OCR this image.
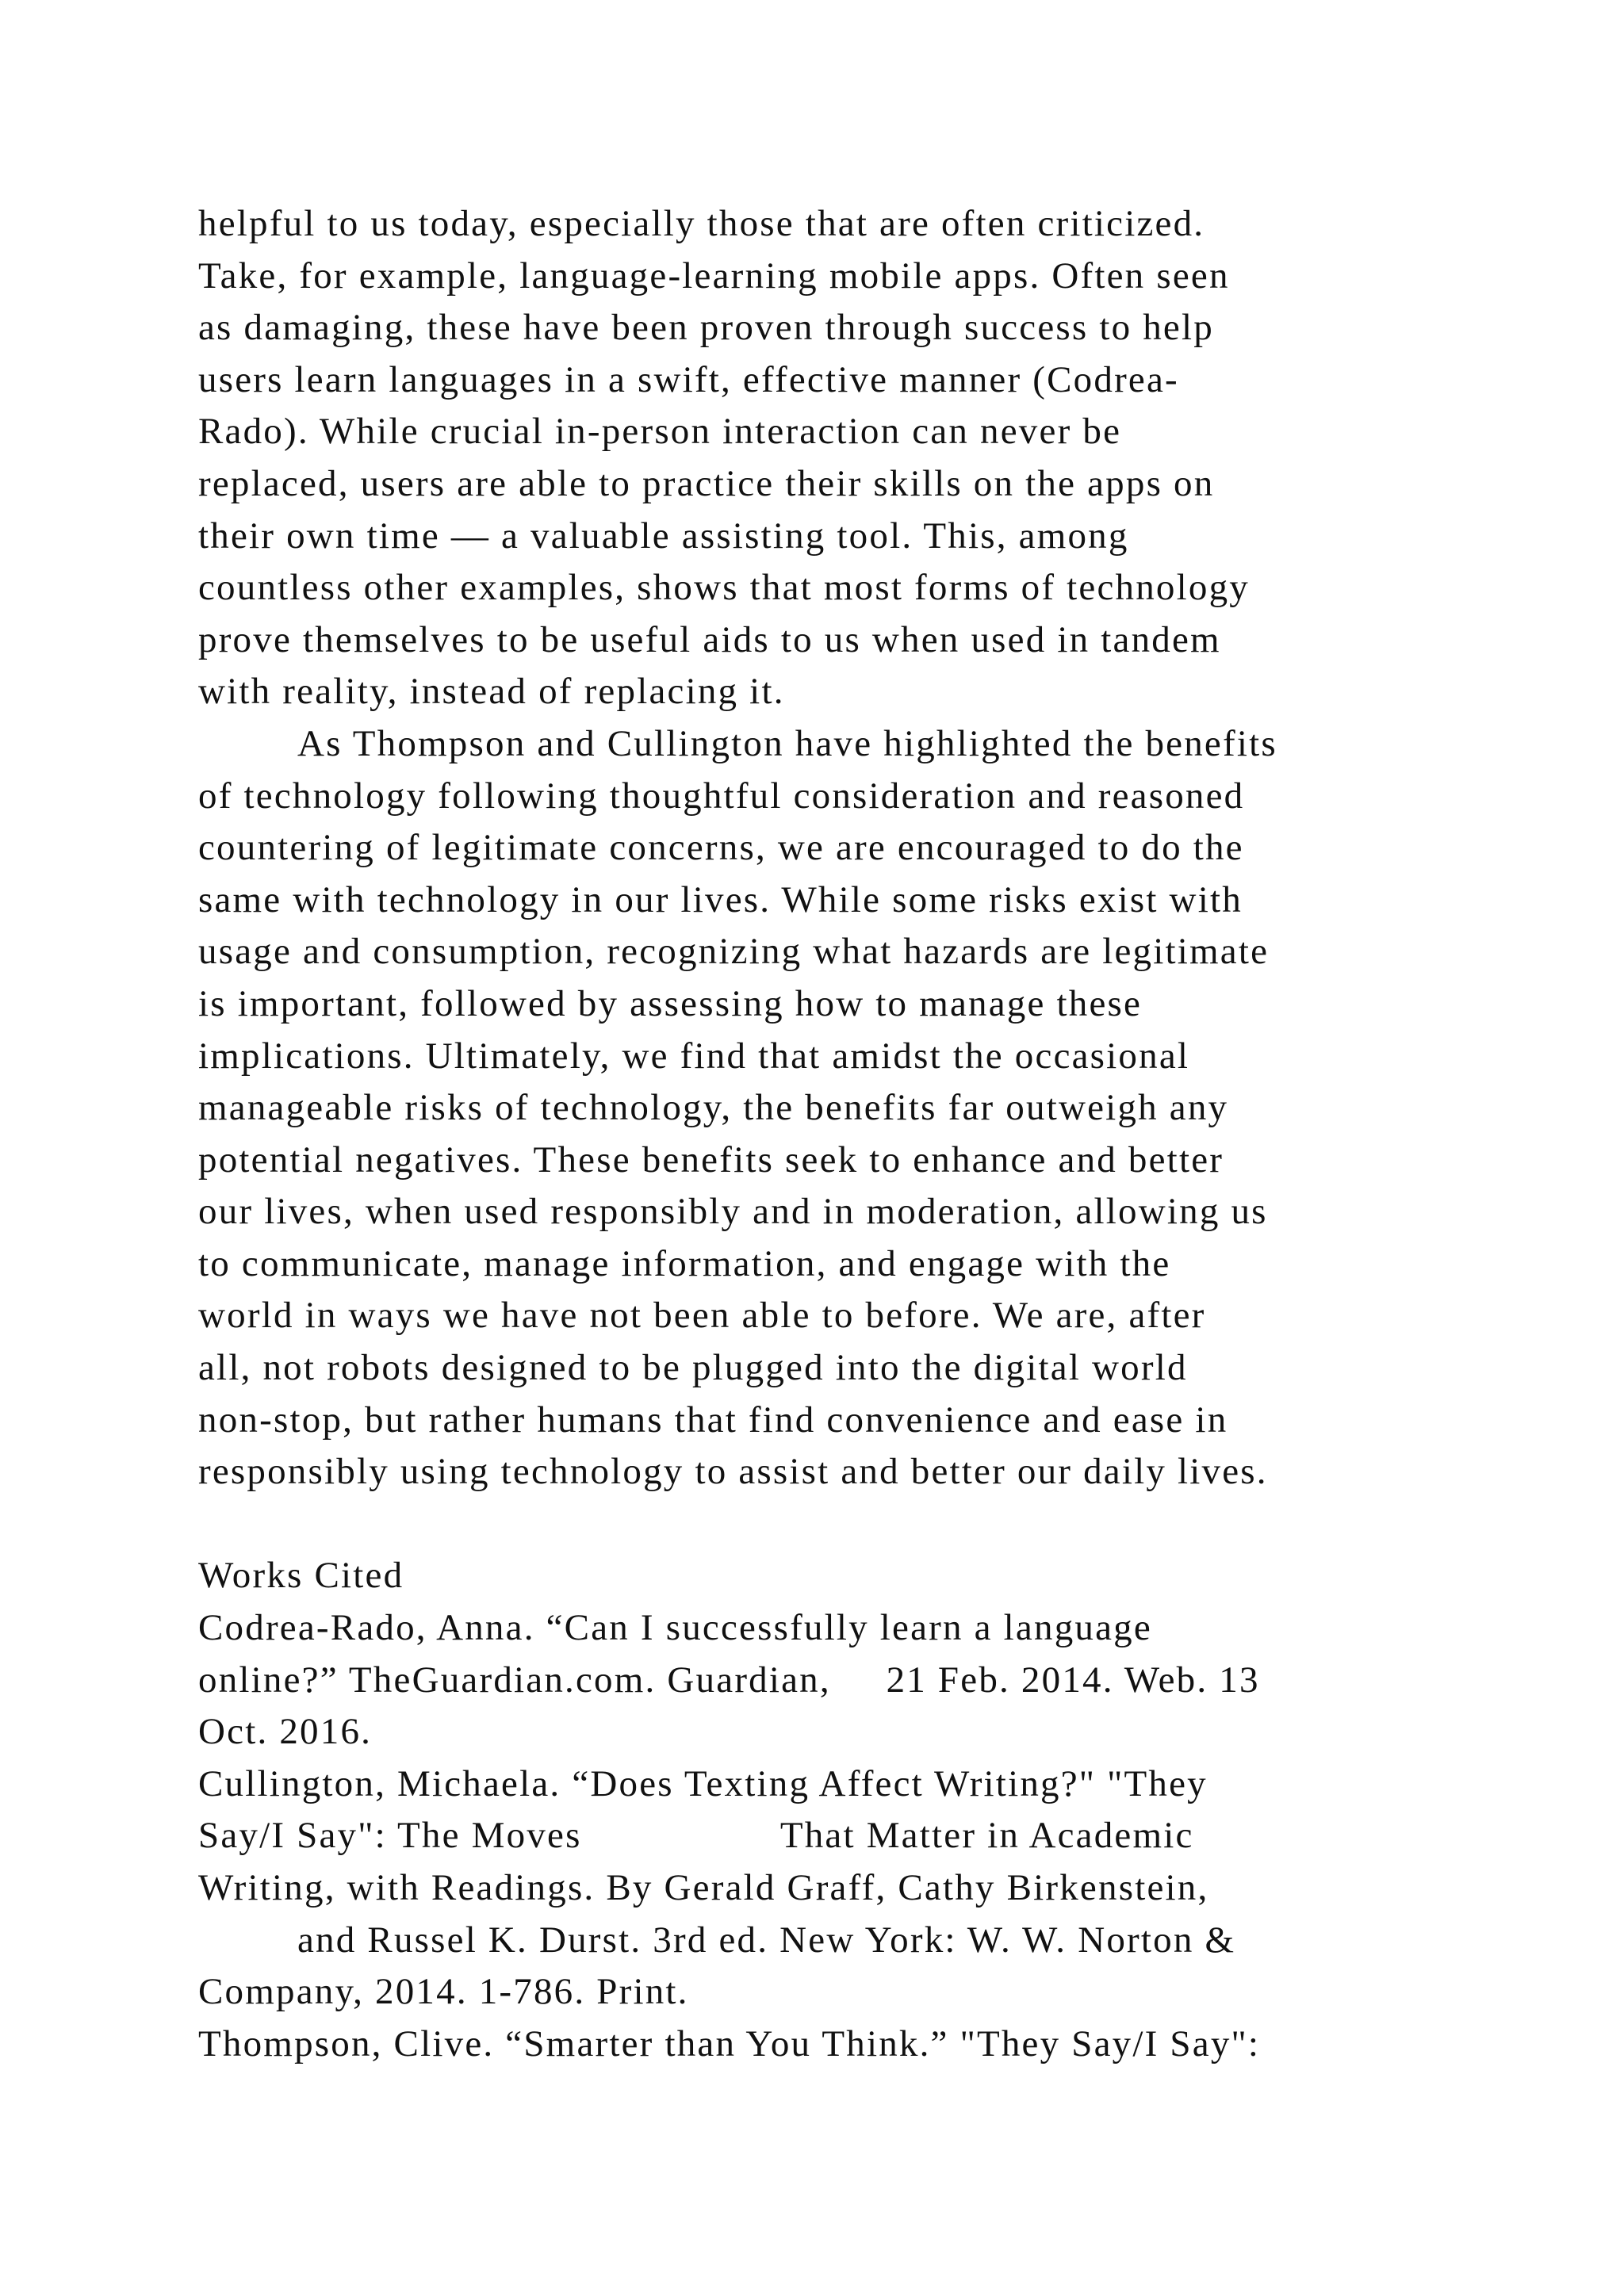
helpful to us today, especially those that are often criticized.
Take, for example, language-learning mobile apps. Often seen
as damaging, these have been proven through success to help
users learn languages in a swift, effective manner (Codrea-
Rado). While crucial in-person interaction can never be
replaced, users are able to practice their skills on the apps on
their own time — a valuable assisting tool. This, among
countless other examples, shows that most forms of technology
prove themselves to be useful aids to us when used in tandem
with reality, instead of replacing it.
As Thompson and Cullington have highlighted the benefits
of technology following thoughtful consideration and reasoned
countering of legitimate concerns, we are encouraged to do the
same with technology in our lives. While some risks exist with
usage and consumption, recognizing what hazards are legitimate
is important, followed by assessing how to manage these
implications. Ultimately, we find that amidst the occasional
manageable risks of technology, the benefits far outweigh any
potential negatives. These benefits seek to enhance and better
our lives, when used responsibly and in moderation, allowing us
to communicate, manage information, and engage with the
world in ways we have not been able to before. We are, after
all, not robots designed to be plugged into the digital world
non-stop, but rather humans that find convenience and ease in
responsibly using technology to assist and better our daily lives.
Works Cited
Codrea-Rado, Anna. “Can I successfully learn a language
online?” TheGuardian.com. Guardian,     21 Feb. 2014. Web. 13
Oct. 2016.
Cullington, Michaela. “Does Texting Affect Writing?" "They
Say/I Say": The Moves                  That Matter in Academic
Writing, with Readings. By Gerald Graff, Cathy Birkenstein,
and Russel K. Durst. 3rd ed. New York: W. W. Norton &
Company, 2014. 1-786. Print.
Thompson, Clive. “Smarter than You Think.” "They Say/I Say":
